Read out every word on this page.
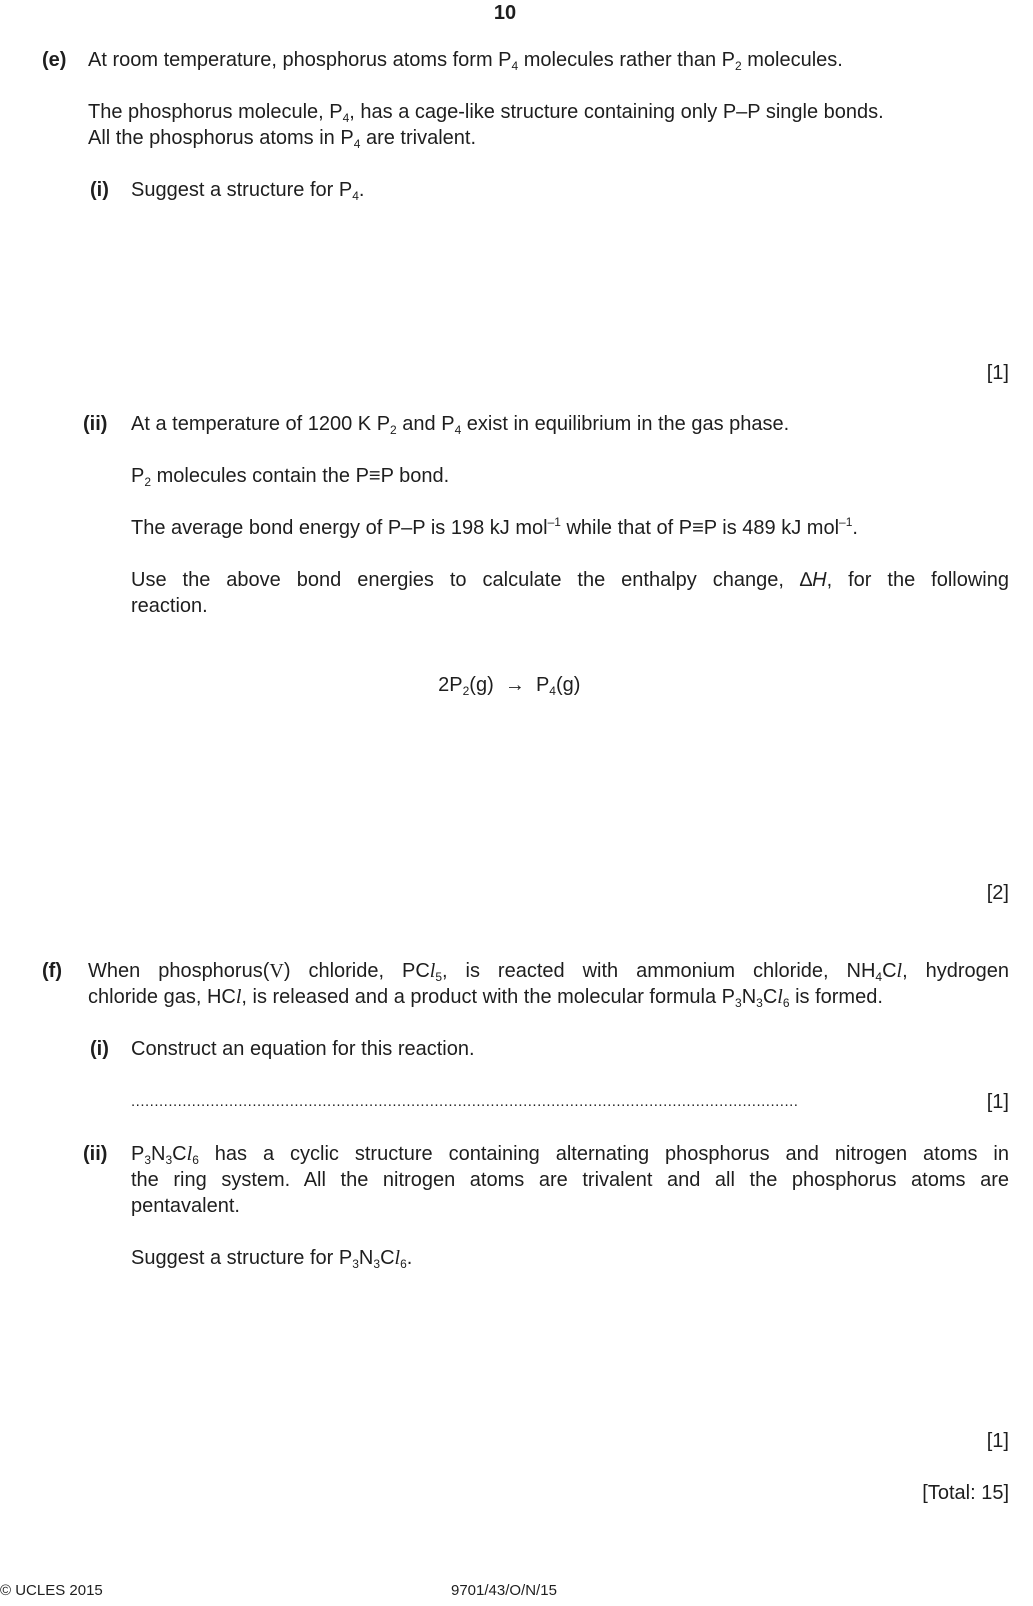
10
(e) At room temperature, phosphorus atoms form $P_4$ molecules rather than $P_2$ molecules.
The phosphorus molecule, $P_4$, has a cage-like structure containing only P–P single bonds.
All the phosphorus atoms in $P_4$ are trivalent.
(i) Suggest a structure for $P_4$.
[1]
(ii) At a temperature of 1200 K $P_2$ and $P_4$ exist in equilibrium in the gas phase.
$P_2$ molecules contain the P≡P bond.
The average bond energy of P–P is 198 kJ mol$^{-1}$ while that of P≡P is 489 kJ mol$^{-1}$.
Use the above bond energies to calculate the enthalpy change, ∆H, for the following
reaction.

$2P_2(g) \to P_4(g)$

[2]
(f) When phosphorus(V) chloride, PCl$_5$, is reacted with ammonium chloride, $NH_4Cl$, hydrogen
chloride gas, HCl, is released and a product with the molecular formula $P_3N_3Cl_6$ is formed.
(i) Construct an equation for this reaction.
...............................................................................................................................................	[1]
(ii) $P_3N_3Cl_6$ has a cyclic structure containing alternating phosphorus and nitrogen atoms in
the ring system. All the nitrogen atoms are trivalent and all the phosphorus atoms are
pentavalent.
Suggest a structure for $P_3N_3Cl_6$.
[1]
[Total: 15]
© UCLES 2015	9701/43/O/N/15
